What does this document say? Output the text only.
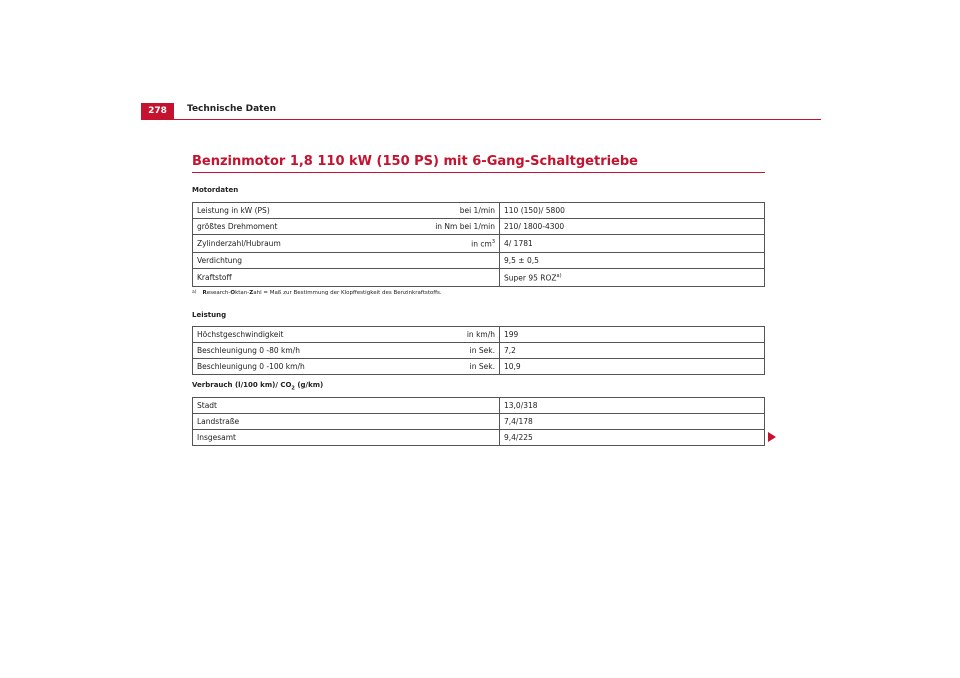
278	Technische Daten
Benzinmotor 1,8 110 kW (150 PS) mit 6-Gang-Schaltgetriebe
Motordaten
Leistung in kW (PS)	bei 1/min	110 (150)/ 5800
größtes Drehmoment	in Nm bei 1/min	210/ 1800-4300
Zylinderzahl/Hubraum	in $cm^3$	4/ 1781
Verdichtung		9,5 ± 0,5
Kraftstoff		Super 95 ROZ$^{a)}$
$^{a)}$ Research-Oktan-Zahl = Maß zur Bestimmung der Klopffestigkeit des Benzinkraftstoffs.
Leistung
Höchstgeschwindigkeit	in km/h	199
Beschleunigung 0 -80 km/h	in Sek.	7,2
Beschleunigung 0 -100 km/h	in Sek.	10,9
Verbrauch (l/100 km)/ $CO_2$ (g/km)
Stadt	13,0/318
Landstraße	7,4/178
Insgesamt	9,4/225
